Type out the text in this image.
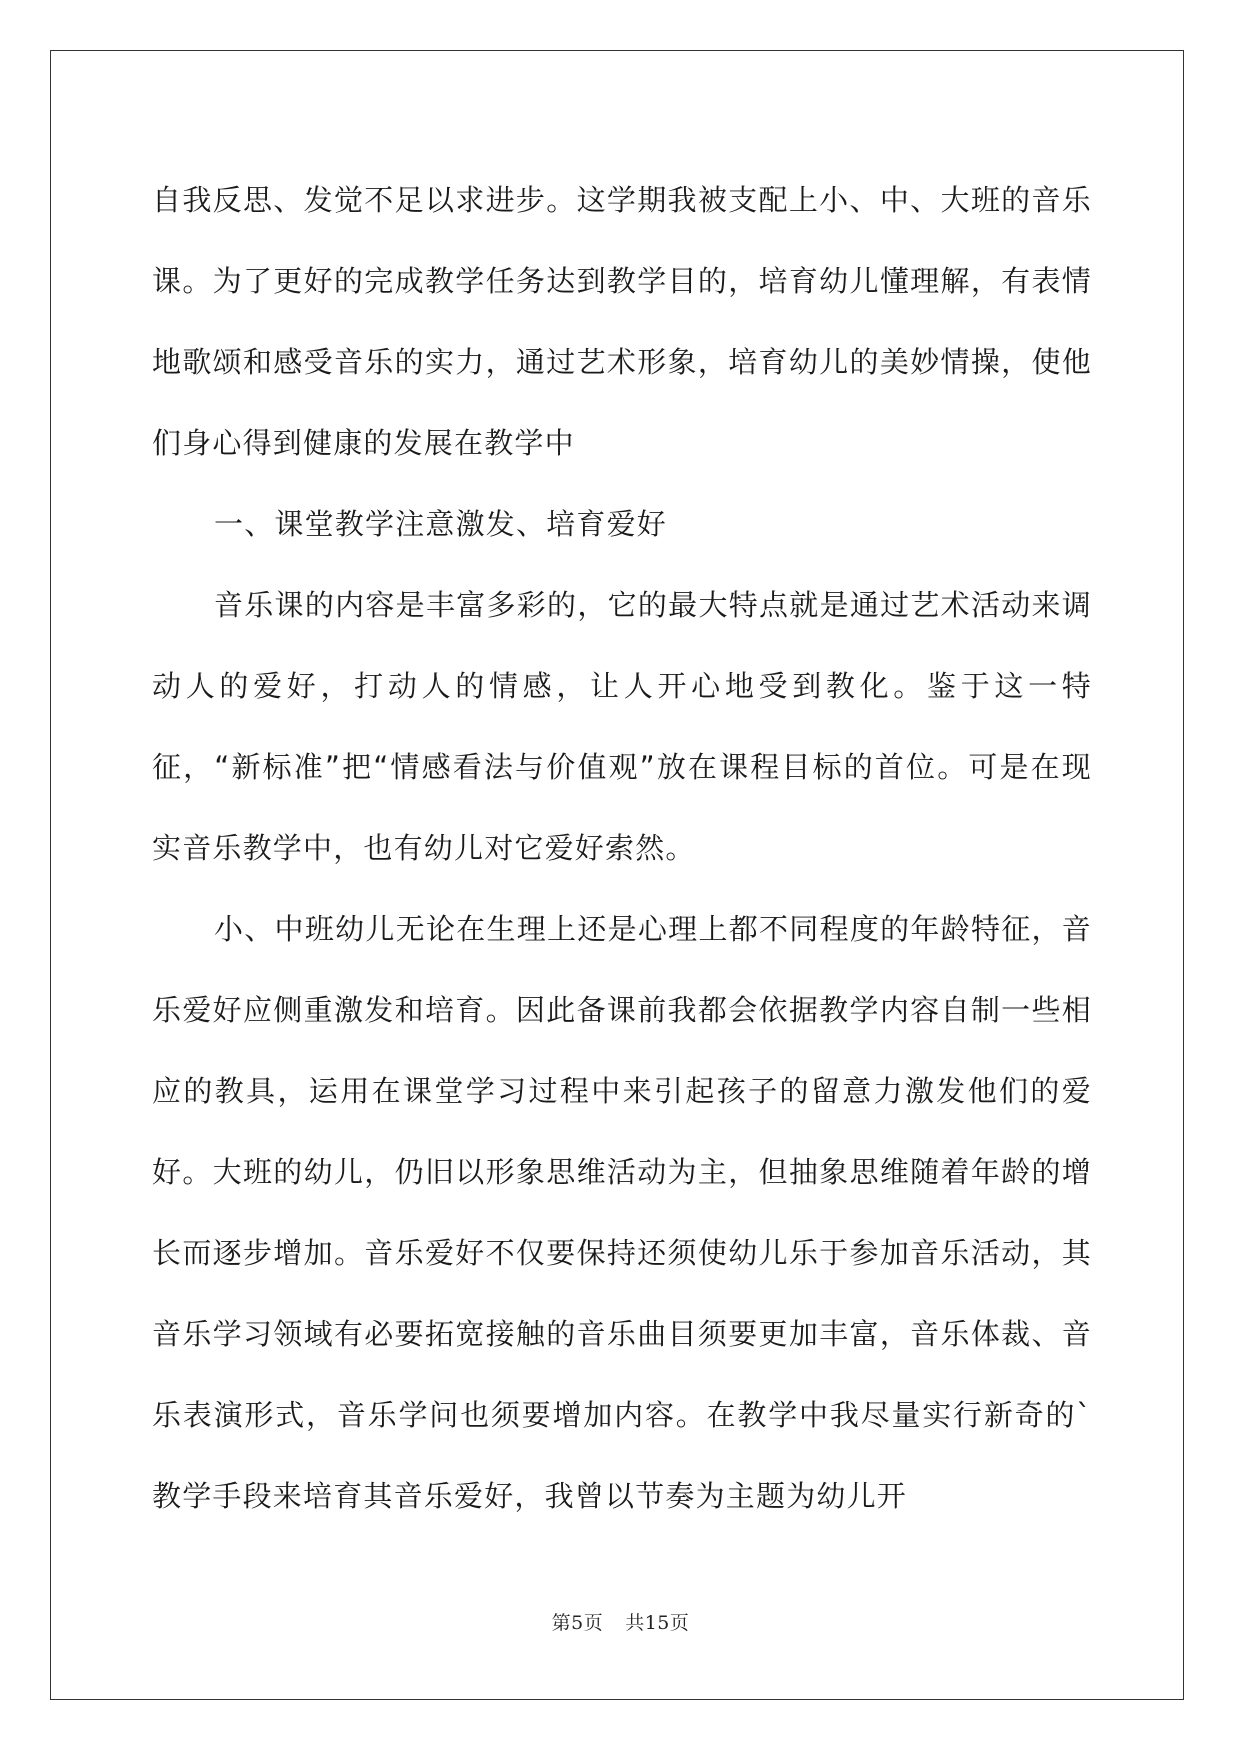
自我反思、发觉不足以求进步。这学期我被支配上小、中、大班的音乐课。为了更好的完成教学任务达到教学目的，培育幼儿懂理解，有表情地歌颂和感受音乐的实力，通过艺术形象，培育幼儿的美妙情操，使他们身心得到健康的发展在教学中

一、课堂教学注意激发、培育爱好

音乐课的内容是丰富多彩的，它的最大特点就是通过艺术活动来调动人的爱好，打动人的情感，让人开心地受到教化。鉴于这一特征，“新标准”把“情感看法与价值观”放在课程目标的首位。可是在现实音乐教学中，也有幼儿对它爱好索然。

小、中班幼儿无论在生理上还是心理上都不同程度的年龄特征，音乐爱好应侧重激发和培育。因此备课前我都会依据教学内容自制一些相应的教具，运用在课堂学习过程中来引起孩子的留意力激发他们的爱好。大班的幼儿，仍旧以形象思维活动为主，但抽象思维随着年龄的增长而逐步增加。音乐爱好不仅要保持还须使幼儿乐于参加音乐活动，其音乐学习领域有必要拓宽接触的音乐曲目须要更加丰富，音乐体裁、音乐表演形式，音乐学问也须要增加内容。在教学中我尽量实行新奇的`教学手段来培育其音乐爱好，我曾以节奏为主题为幼儿开

第5页 共15页
